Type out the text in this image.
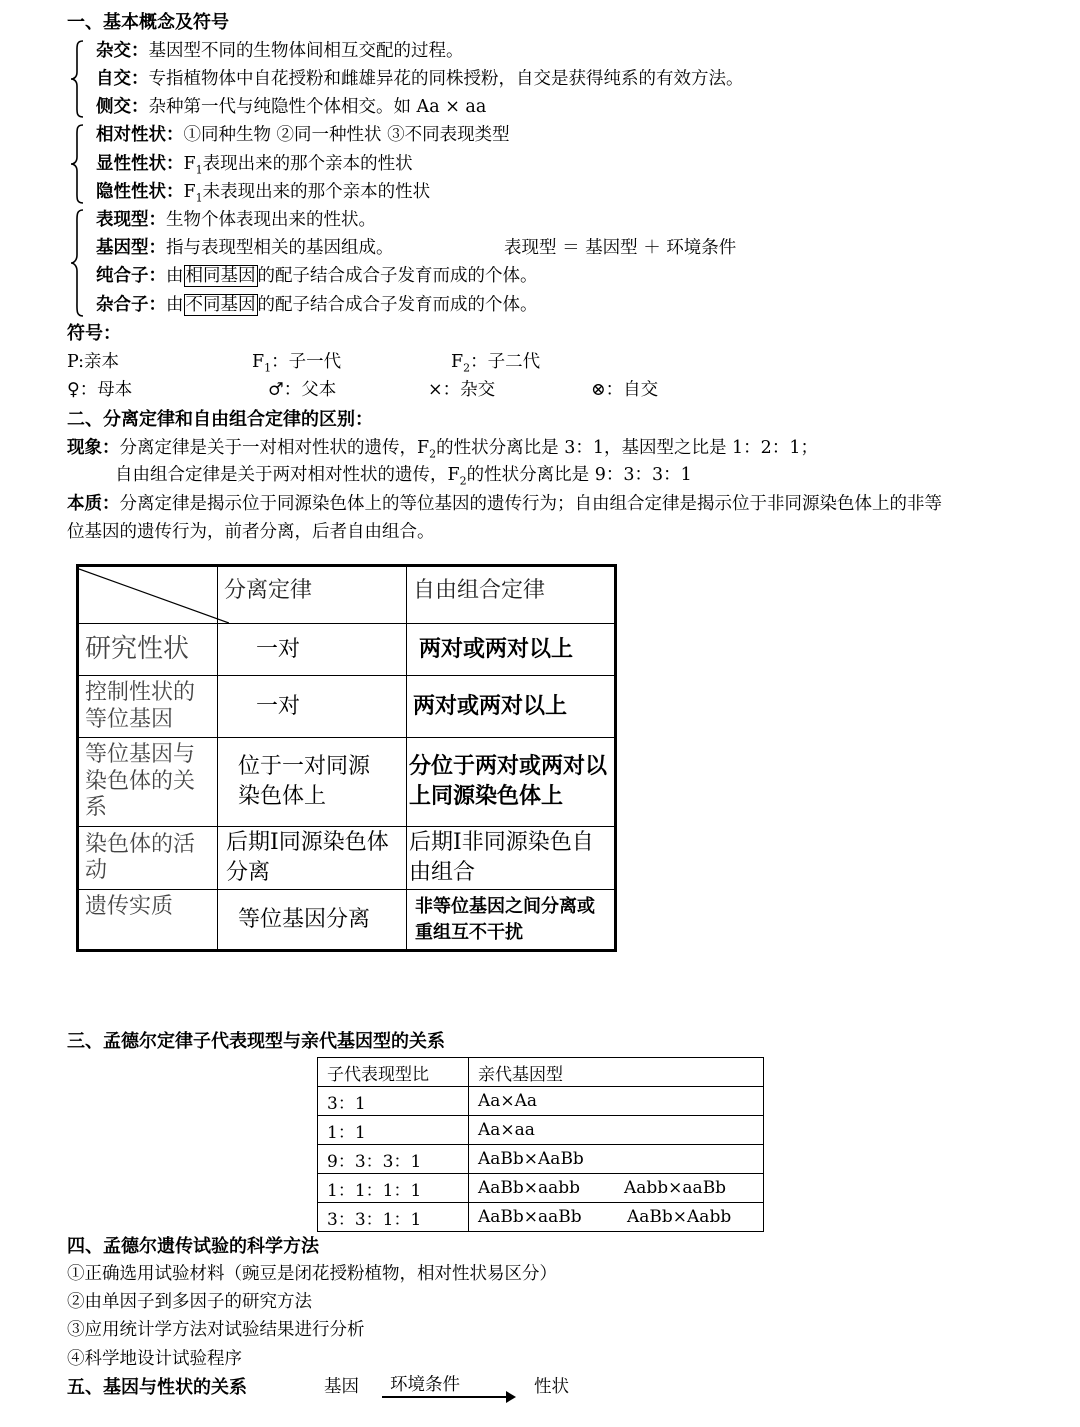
一、基本概念及符号
杂交：基因型不同的生物体间相互交配的过程。
自交：专指植物体中自花授粉和雌雄异花的同株授粉，自交是获得纯系的有效方法。
侧交：杂种第一代与纯隐性个体相交。如 Aa × aa
相对性状：①同种生物 ②同一种性状 ③不同表现类型
显性性状：$F_1$表现出来的那个亲本的性状
隐性性状：$F_1$未表现出来的那个亲本的性状
表现型：生物个体表现出来的性状。
基因型：指与表现型相关的基因组成。	表现型 ＝ 基因型 ＋ 环境条件
纯合子：由 相同基因 的配子结合成合子发育而成的个体。
杂合子：由 不同基因 的配子结合成合子发育而成的个体。
符号：
P:亲本	$F_1$：子一代	$F_2$：子二代
♀：母本	♂：父本	×：杂交	⊗：自交
二、分离定律和自由组合定律的区别：
现象：分离定律是关于一对相对性状的遗传，$F_2$的性状分离比是 3：1，基因型之比是 1：2：1；
自由组合定律是关于两对相对性状的遗传，$F_2$的性状分离比是 9：3：3：1
本质：分离定律是揭示位于同源染色体上的等位基因的遗传行为；自由组合定律是揭示位于非同源染色体上的非等
位基因的遗传行为，前者分离，后者自由组合。
	分离定律	自由组合定律
研究性状	一对	两对或两对以上
控制性状的等位基因	一对	两对或两对以上
等位基因与染色体的关系	位于一对同源染色体上	分位于两对或两对以上同源染色体上
染色体的活动	后期Ⅰ同源染色体分离	后期Ⅰ非同源染色自由组合
遗传实质	等位基因分离	非等位基因之间分离或重组互不干扰
三、孟德尔定律子代表现型与亲代基因型的关系
子代表现型比	亲代基因型
3：1	Aa×Aa
1：1	Aa×aa
9：3：3：1	AaBb×AaBb
1：1：1：1	AaBb×aabb Aabb×aaBb
3：3：1：1	AaBb×aaBb AaBb×Aabb
四、孟德尔遗传试验的科学方法
①正确选用试验材料（豌豆是闭花授粉植物，相对性状易区分）
②由单因子到多因子的研究方法
③应用统计学方法对试验结果进行分析
④科学地设计试验程序
五、基因与性状的关系	基因 环境条件	性状
